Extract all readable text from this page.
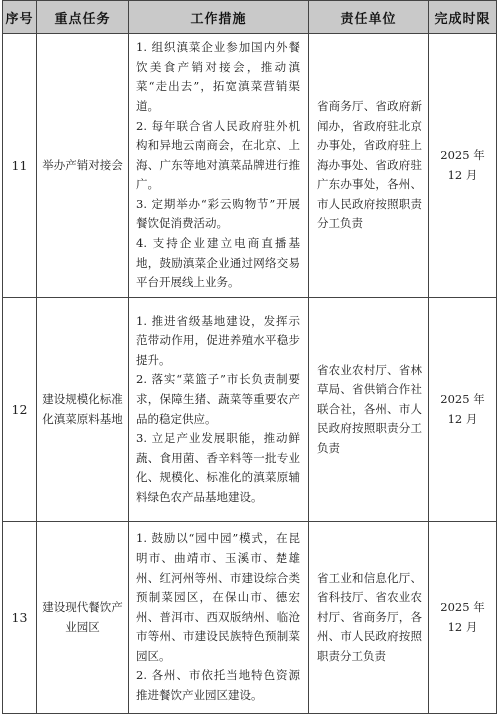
序号	重点任务	工作措施	责任单位	完成时限
11	举办产销对接会	1. 组织滇菜企业参加国内外餐饮美食产销对接会，推动滇菜“走出去”，拓宽滇菜营销渠道。
2. 每年联合省人民政府驻外机构和异地云南商会，在北京、上海、广东等地对滇菜品牌进行推广。
3. 定期举办“彩云购物节”开展餐饮促消费活动。
4. 支持企业建立电商直播基地，鼓励滇菜企业通过网络交易平台开展线上业务。	省商务厅、省政府新闻办，省政府驻北京办事处，省政府驻上海办事处、省政府驻广东办事处，各州、市人民政府按照职责分工负责	2025 年
12 月

12	建设规模化标准化滇菜原料基地	1. 推进省级基地建设，发挥示范带动作用，促进养殖水平稳步提升。
2. 落实“菜篮子”市长负责制要求，保障生猪、蔬菜等重要农产品的稳定供应。
3. 立足产业发展职能，推动鲜蔬、食用菌、香辛料等一批专业化、规模化、标准化的滇菜原辅料绿色农产品基地建设。	省农业农村厅、省林草局、省供销合作社联合社，各州、市人民政府按照职责分工负责	2025 年
12 月

13	建设现代餐饮产业园区	1. 鼓励以“园中园”模式，在昆明市、曲靖市、玉溪市、楚雄州、红河州等州、市建设综合类预制菜园区，在保山市、德宏州、普洱市、西双版纳州、临沧市等州、市建设民族特色预制菜园区。
2. 各州、市依托当地特色资源推进餐饮产业园区建设。	省工业和信息化厅、省科技厅、省农业农村厅、省商务厅，各州、市人民政府按照职责分工负责	2025 年
12 月
